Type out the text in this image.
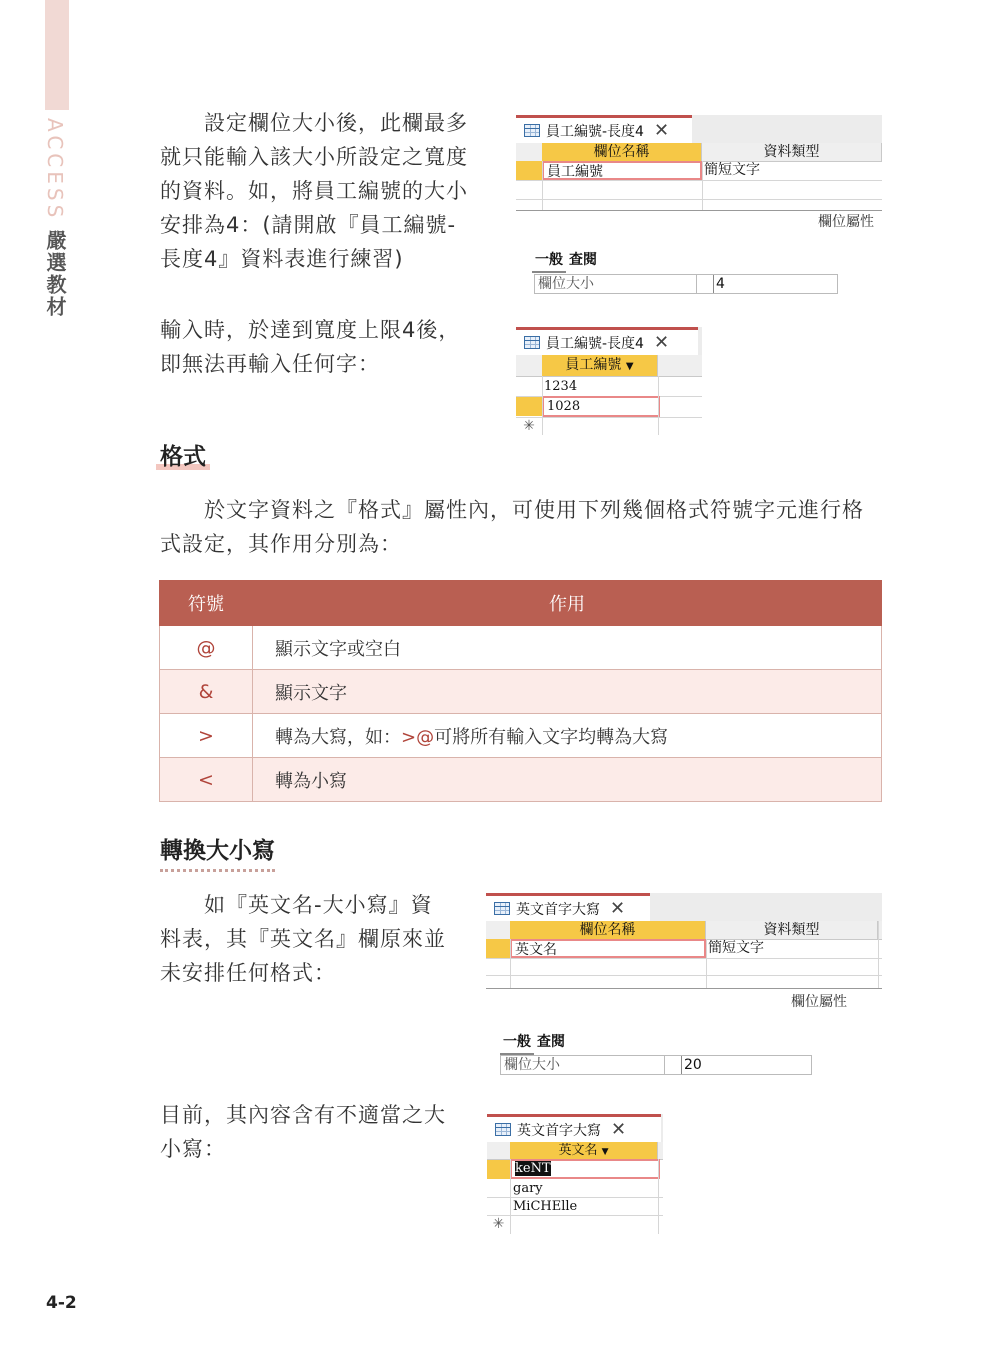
ACCESS 嚴選教材
設定欄位大小後，此欄最多
就只能輸入該大小所設定之寬度
的資料。如，將員工編號的大小
安排為4：(請開啟『員工編號-
長度4』資料表進行練習)
輸入時，於達到寬度上限4後，
即無法再輸入任何字：
員工編號-長度4 ✕
欄位名稱	資料類型
員工編號	簡短文字
欄位屬性
一般 查閱
欄位大小	4
員工編號-長度4 ✕
員工編號 ▼
1234
1028
✳
格式
於文字資料之『格式』屬性內，可使用下列幾個格式符號字元進行格
式設定，其作用分別為：
符號	作用
@	顯示文字或空白
&	顯示文字
>	轉為大寫，如：>@可將所有輸入文字均轉為大寫
<	轉為小寫
轉換大小寫
如『英文名-大小寫』資
料表，其『英文名』欄原來並
未安排任何格式：
目前，其內容含有不適當之大
小寫：
英文首字大寫 ✕
欄位名稱	資料類型
英文名	簡短文字
欄位屬性
一般 查閱
欄位大小	20
英文首字大寫 ✕
英文名 ▼
keNT
gary
MiCHElle
✳
4-2
